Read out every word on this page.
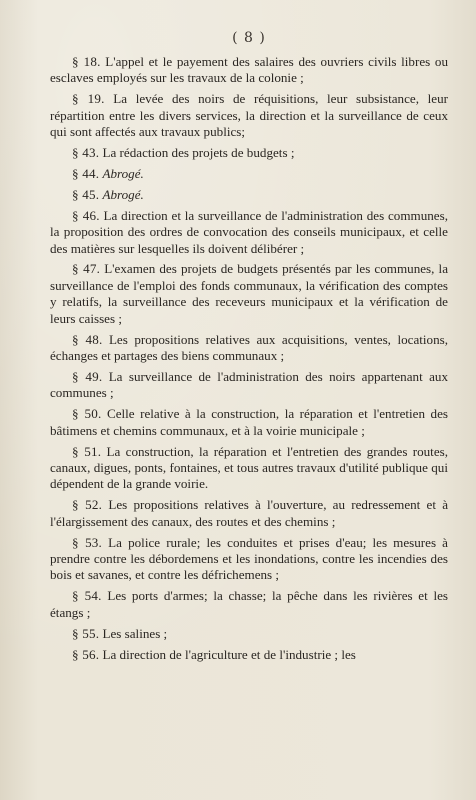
( 8 )

§ 18. L'appel et le payement des salaires des ouvriers civils libres ou esclaves employés sur les travaux de la colonie ;

§ 19. La levée des noirs de réquisitions, leur subsistance, leur répartition entre les divers services, la direction et la surveillance de ceux qui sont affectés aux travaux publics;

§ 43. La rédaction des projets de budgets ;

§ 44. Abrogé.

§ 45. Abrogé.

§ 46. La direction et la surveillance de l'administration des communes, la proposition des ordres de convocation des conseils municipaux, et celle des matières sur lesquelles ils doivent délibérer ;

§ 47. L'examen des projets de budgets présentés par les communes, la surveillance de l'emploi des fonds communaux, la vérification des comptes y relatifs, la surveillance des receveurs municipaux et la vérification de leurs caisses ;

§ 48. Les propositions relatives aux acquisitions, ventes, locations, échanges et partages des biens communaux ;

§ 49. La surveillance de l'administration des noirs appartenant aux communes ;

§ 50. Celle relative à la construction, la réparation et l'entretien des bâtimens et chemins communaux, et à la voirie municipale ;

§ 51. La construction, la réparation et l'entretien des grandes routes, canaux, digues, ponts, fontaines, et tous autres travaux d'utilité publique qui dépendent de la grande voirie.

§ 52. Les propositions relatives à l'ouverture, au redressement et à l'élargissement des canaux, des routes et des chemins ;

§ 53. La police rurale; les conduites et prises d'eau; les mesures à prendre contre les débordemens et les inondations, contre les incendies des bois et savanes, et contre les défrichemens ;

§ 54. Les ports d'armes; la chasse; la pêche dans les rivières et les étangs ;

§ 55. Les salines ;

§ 56. La direction de l'agriculture et de l'industrie ; les
